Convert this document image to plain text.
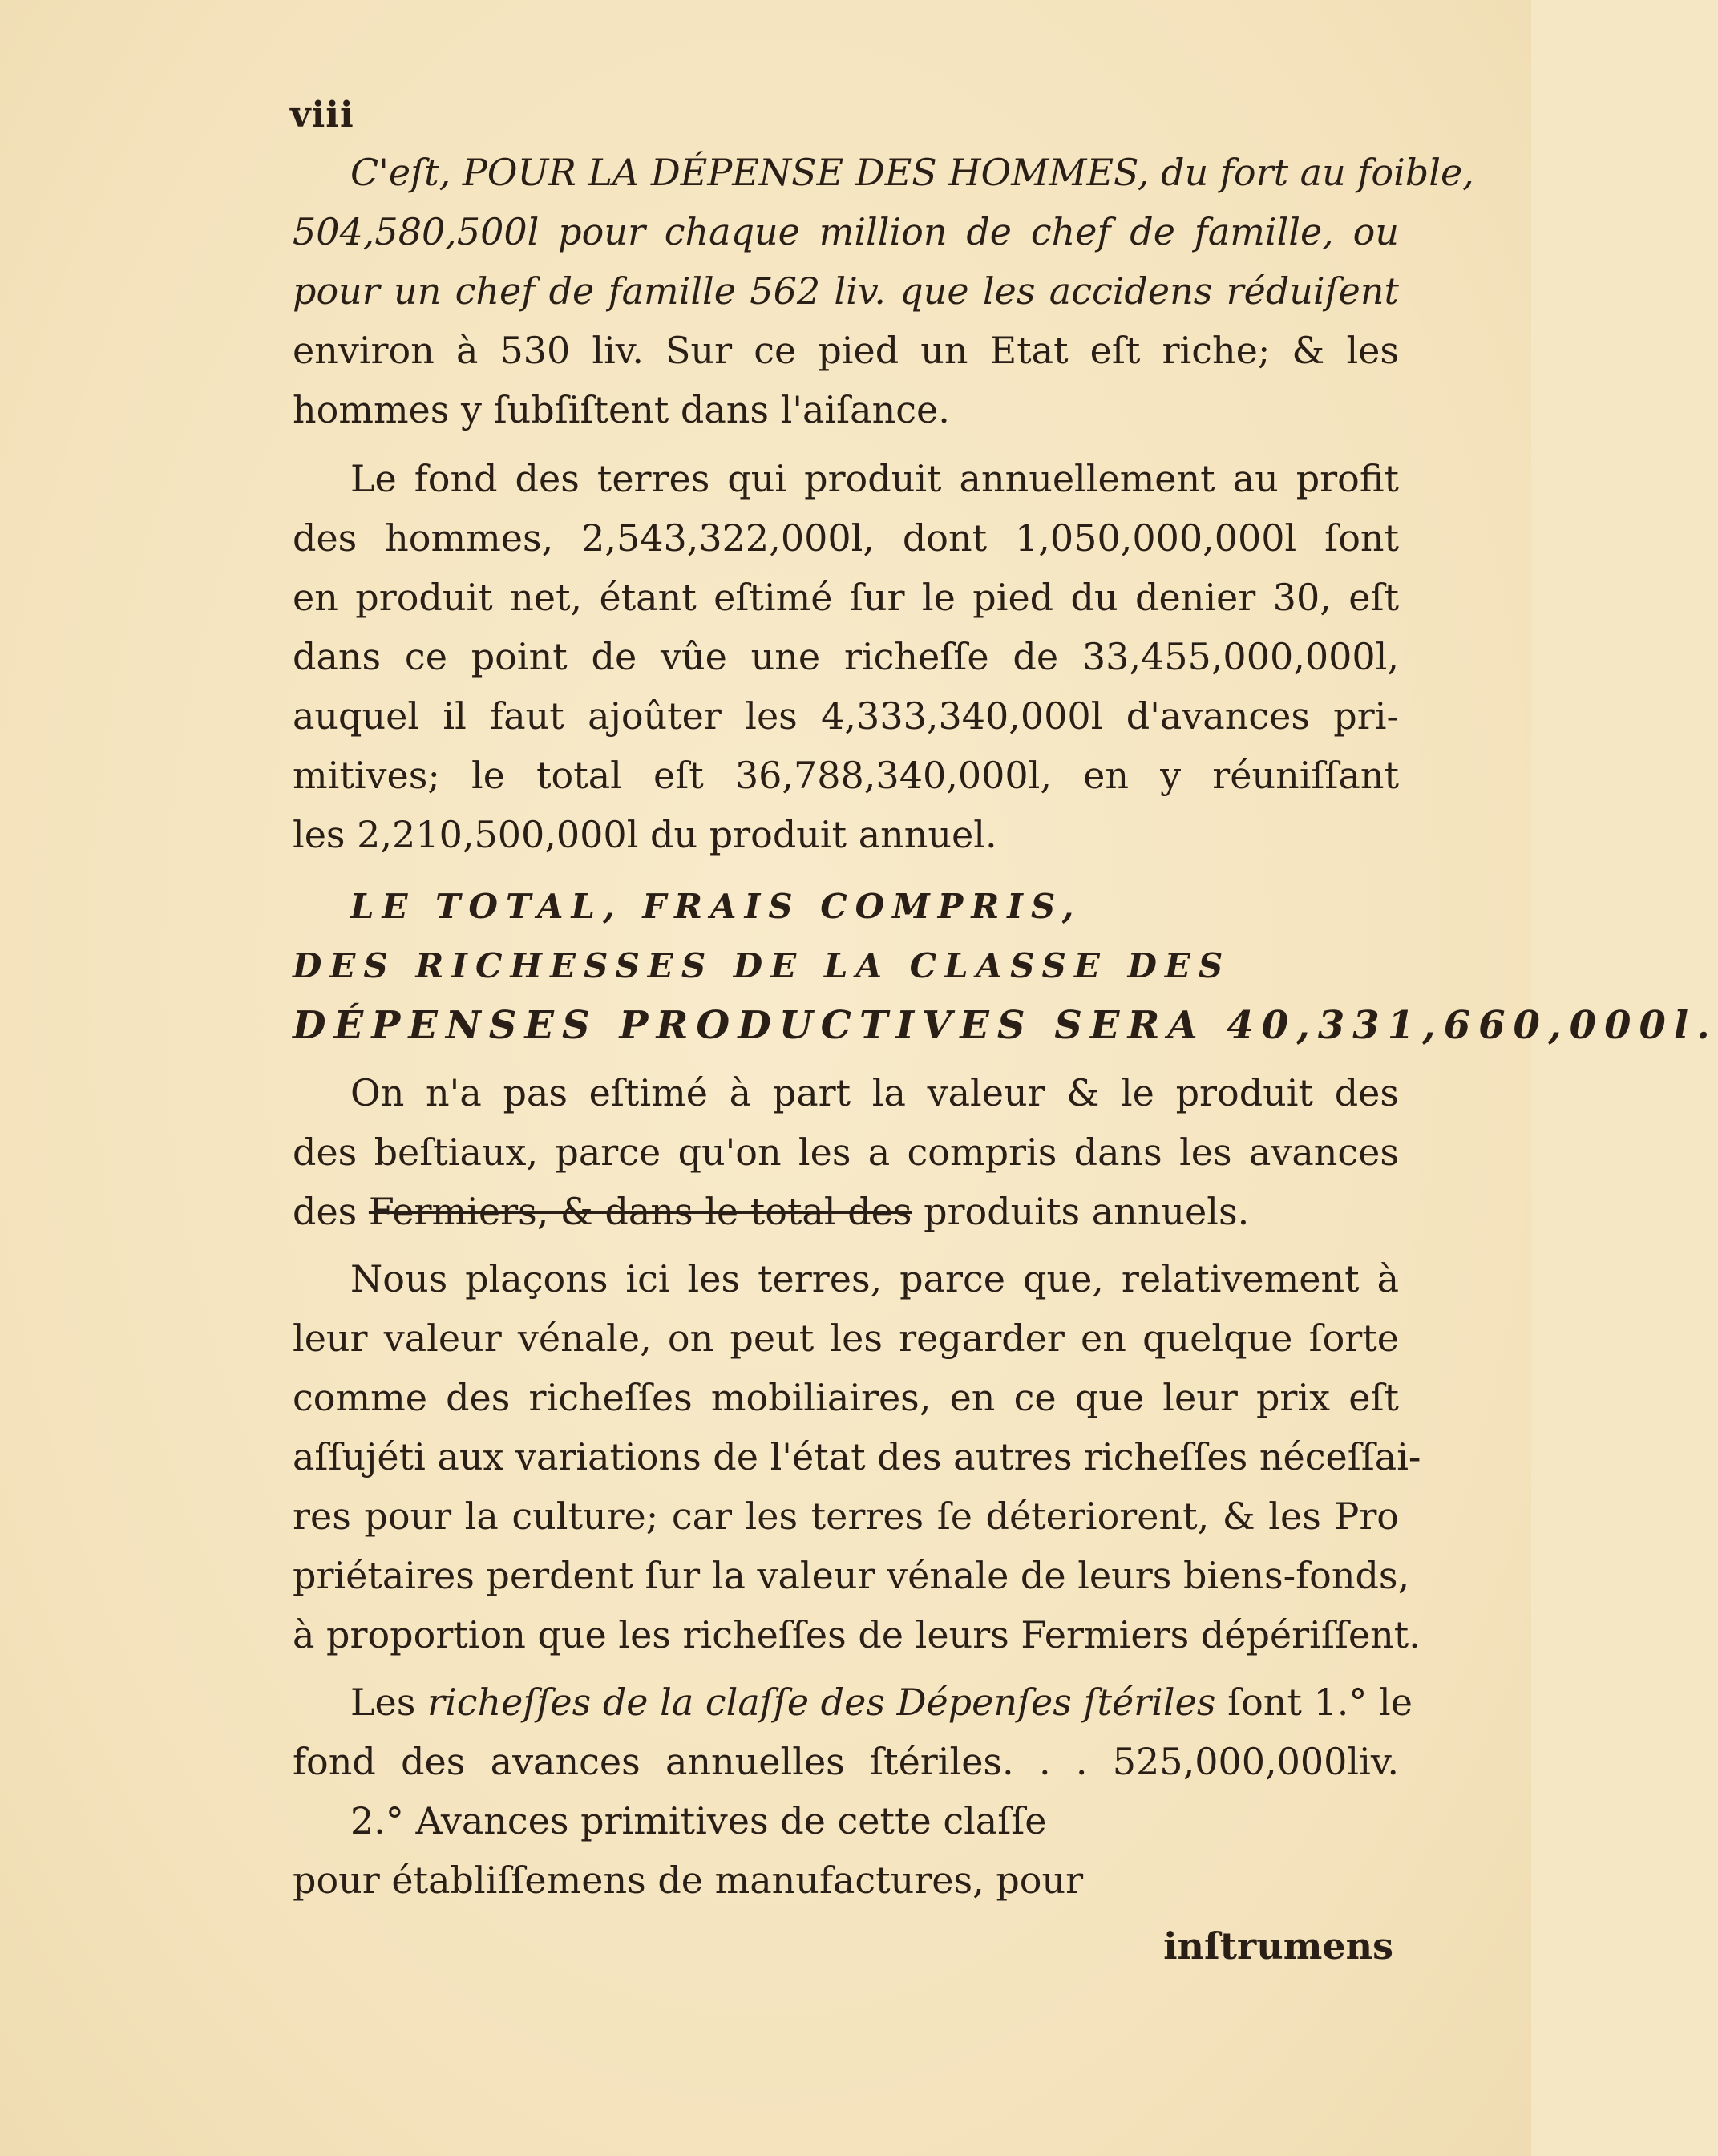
viii
C'eſt, POUR LA DÉPENSE DES HOMMES, du fort au foible,
504,580,500l pour chaque million de chef de famille, ou
pour un chef de famille 562 liv. que les accidens réduiſent
environ à 530 liv. Sur ce pied un Etat eſt riche; & les
hommes y ſubſiſtent dans l'aiſance.
Le fond des terres qui produit annuellement au profit
des hommes, 2,543,322,000l, dont 1,050,000,000l ſont
en produit net, étant eſtimé ſur le pied du denier 30, eſt
dans ce point de vûe une richeſſe de 33,455,000,000l,
auquel il faut ajoûter les 4,333,340,000l d'avances pri-
mitives; le total eſt 36,788,340,000l, en y réuniſſant
les 2,210,500,000l du produit annuel.
LE TOTAL, FRAIS COMPRIS,
DES RICHESSES DE LA CLASSE DES
DÉPENSES PRODUCTIVES SERA 40,331,660,000l.
On n'a pas eſtimé à part la valeur & le produit des
des beſtiaux, parce qu'on les a compris dans les avances
des Fermiers, & dans le total des produits annuels.
Nous plaçons ici les terres, parce que, relativement à
leur valeur vénale, on peut les regarder en quelque ſorte
comme des richeſſes mobiliaires, en ce que leur prix eſt
aſſujéti aux variations de l'état des autres richeſſes néceſſai-
res pour la culture; car les terres ſe déteriorent, & les Pro
priétaires perdent ſur la valeur vénale de leurs biens-fonds,
à proportion que les richeſſes de leurs Fermiers dépériſſent.
Les richeſſes de la claſſe des Dépenſes ſtériles ſont 1.° le
fond des avances annuelles ſtériles. . . 525,000,000liv.
2.° Avances primitives de cette claſſe
pour établiſſemens de manufactures, pour
inſtrumens
